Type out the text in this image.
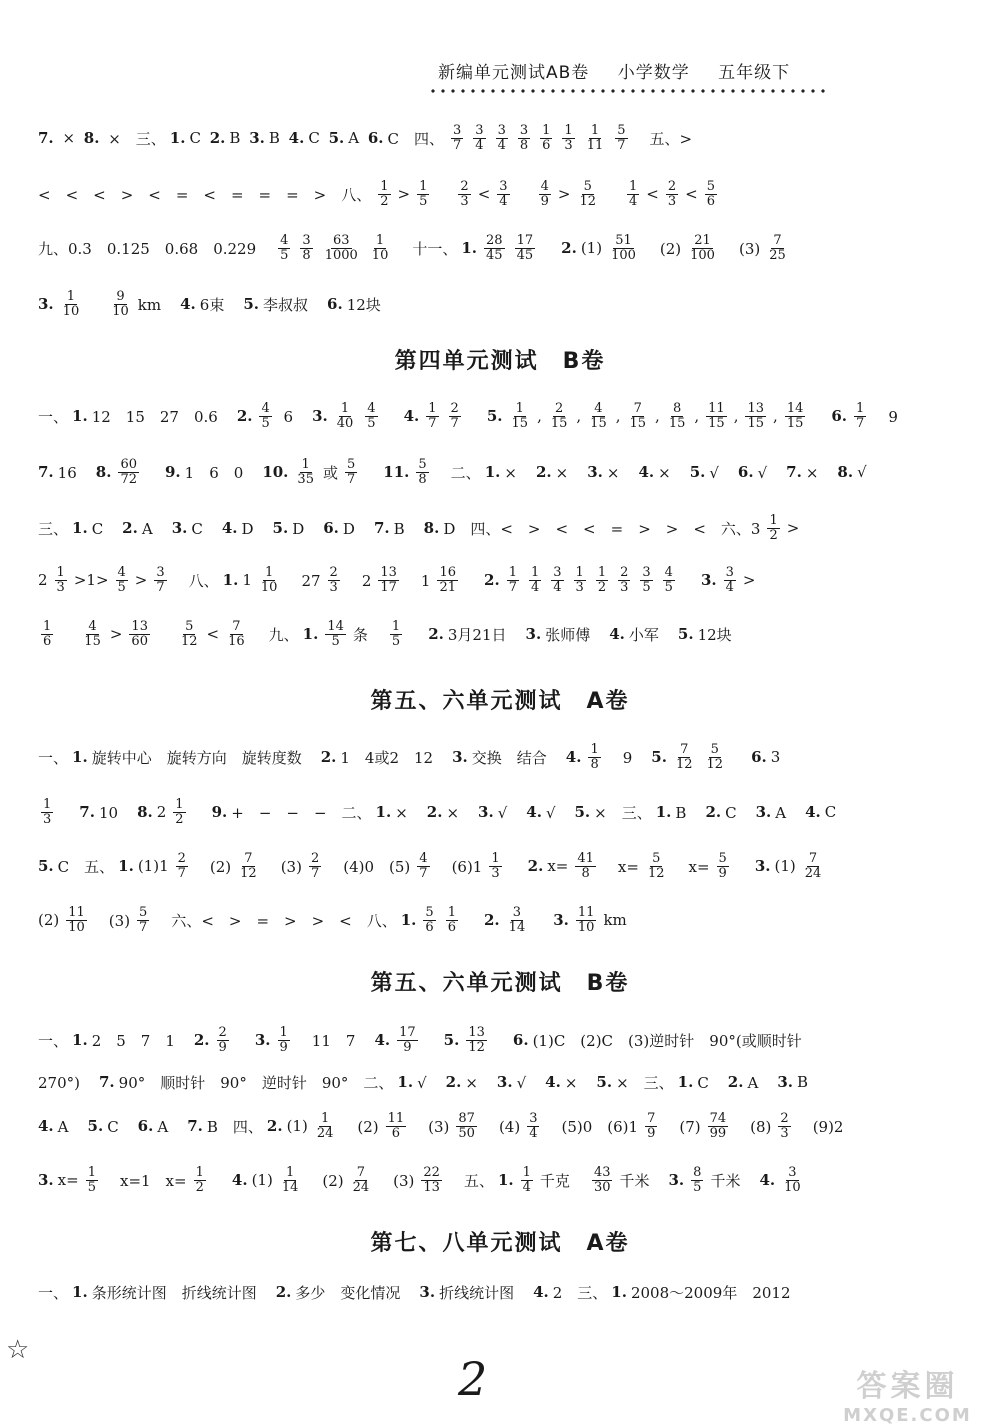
新编单元测试AB卷 小学数学 五年级下
第四单元测试　B卷
第五、六单元测试　A卷
第五、六单元测试　B卷
第七、八单元测试　A卷
7. × 8. ×　三、 1. C 2. B 3. B 4. C 5. A 6. C　四、 $\frac{3}{7} \frac{3}{4} \frac{3}{4} \frac{3}{8} \frac{1}{6} \frac{1}{3} \frac{1}{11} \frac{5}{7}$ 　五、>
<　<　<　>　<　=　<　=　=　=　>　八、 $\frac{1}{2} > \frac{1}{5}$
　 $\frac{2}{3} < \frac{3}{4}$
　 $\frac{4}{9} > \frac{5}{12}$
　 $\frac{1}{4} < \frac{2}{3} < \frac{5}{6}$
九、0.3　0.125　0.68　0.229　 $\frac{4}{5} \frac{3}{8} \frac{63}{1000} \frac{1}{10}$ 　十一、 1. $\frac{28}{45} \frac{17}{45}$
　 2. $(1) \frac{51}{100}$ 　$(2) \frac{21}{100}$ 　$(3) \frac{7}{25}$
3. $\frac{1}{10}$
　 $\frac{9}{10}$ km　 4. 6束　 5. 李叔叔　 6. 12块
一、 1. 12　15　27　0.6　 2. $\frac{4}{5} 6$　 3. $\frac{1}{40} \frac{4}{5}$
　 4. $\frac{1}{7} \frac{2}{7}$
　 5. $\frac{1}{15}$ , $\frac{2}{15}$ , $\frac{4}{15}$ , $\frac{7}{15}$ , $\frac{8}{15}$ , $\frac{11}{15}$ , $\frac{13}{15}$ , $\frac{14}{15}$
　 6. $\frac{1}{7}$ 　9
7. 16　 8. $\frac{60}{72}$
　 9. 1　6　0　 10. $\frac{1}{35}$ 或 $\frac{5}{7}$
　 11. $\frac{5}{8}$ 　二、 1. ×　 2. ×　 3. ×　 4. ×　 5. √　 6. √　 7. ×　 8. √
三、 1. C　 2. A　 3. C　 4. D　 5. D　 6. D　 7. B　 8. D　四、<　>　<　<　=　>　>　<　六、$3 \frac{1}{2}$ >
$2 \frac{1}{3} >1> \frac{4}{5} > \frac{3}{7}$ 　八、 1. $1 \frac{1}{10}$ 　$27 \frac{2}{3}$ 　$2 \frac{13}{17}$ 　$1 \frac{16}{21}$
　 2. $\frac{1}{7} \frac{1}{4} \frac{3}{4} \frac{1}{3} \frac{1}{2} \frac{2}{3} \frac{3}{5} \frac{4}{5}$
　 3. $\frac{3}{4}$ >
$\frac{1}{6}$
　 $\frac{4}{15} > \frac{13}{60}$
　 $\frac{5}{12} < \frac{7}{16}$ 　九、 1. $\frac{14}{5}$ 条　 $\frac{1}{5}$
　 2. 3月21日　 3. 张师傅　 4. 小军　 5. 12块
一、 1. 旋转中心　旋转方向　旋转度数　 2. 1　4或2　12　 3. 交换　结合　 4. $\frac{1}{8}$ 　9　 5. $\frac{7}{12} \frac{5}{12}$
　 6. 3
$\frac{1}{3}$
　 7. 10　 8. $2 \frac{1}{2}$
　 9. +　−　−　−　二、 1. ×　 2. ×　 3. √　 4. √　 5. ×　三、 1. B　 2. C　 3. A　 4. C
5. C　五、 1. $(1)1 \frac{2}{7}$ 　$(2) \frac{7}{12}$ 　$(3) \frac{2}{7}$ 　(4)0　$(5) \frac{4}{7}$ 　$(6)1 \frac{1}{3}$
　 2. $x= \frac{41}{8}$ 　$x= \frac{5}{12}$ 　$x= \frac{5}{9}$
　 3. $(1) \frac{7}{24}$
$(2) \frac{11}{10}$ 　$(3) \frac{5}{7}$ 　六、<　>　=　>　>　<　八、 1. $\frac{5}{6} \frac{1}{6}$
　 2. $\frac{3}{14}$
　 3. $\frac{11}{10}$ km
一、 1. 2　5　7　1　 2. $\frac{2}{9}$
　 3. $\frac{1}{9}$ 　11　7　 4. $\frac{17}{9}$
　 5. $\frac{13}{12}$
　 6. (1)C　(2)C　(3)逆时针　90°(或顺时针
270°)　 7. 90°　顺时针　90°　逆时针　90°　二、 1. √　 2. ×　 3. √　 4. ×　 5. ×　三、 1. C　 2. A　 3. B
4. A　 5. C　 6. A　 7. B　四、 2. $(1) \frac{1}{24}$ 　$(2) \frac{11}{6}$ 　$(3) \frac{87}{50}$ 　$(4) \frac{3}{4}$ 　(5)0　$(6)1 \frac{7}{9}$ 　$(7) \frac{74}{99}$ 　$(8) \frac{2}{3}$ 　(9)2
3. $x= \frac{1}{5}$ 　x=1　$x= \frac{1}{2}$
　 4. $(1) \frac{1}{14}$ 　$(2) \frac{7}{24}$ 　$(3) \frac{22}{13}$ 　五、 1. $\frac{1}{4}$ 千克　 $\frac{43}{30}$ 千米　 3. $\frac{8}{5}$ 千米　 4. $\frac{3}{10}$
一、 1. 条形统计图　折线统计图　 2. 多少　变化情况　 3. 折线统计图　 4. 2　三、 1. 2008～2009年　2012
☆
2	答案圈
MXQE.COM
